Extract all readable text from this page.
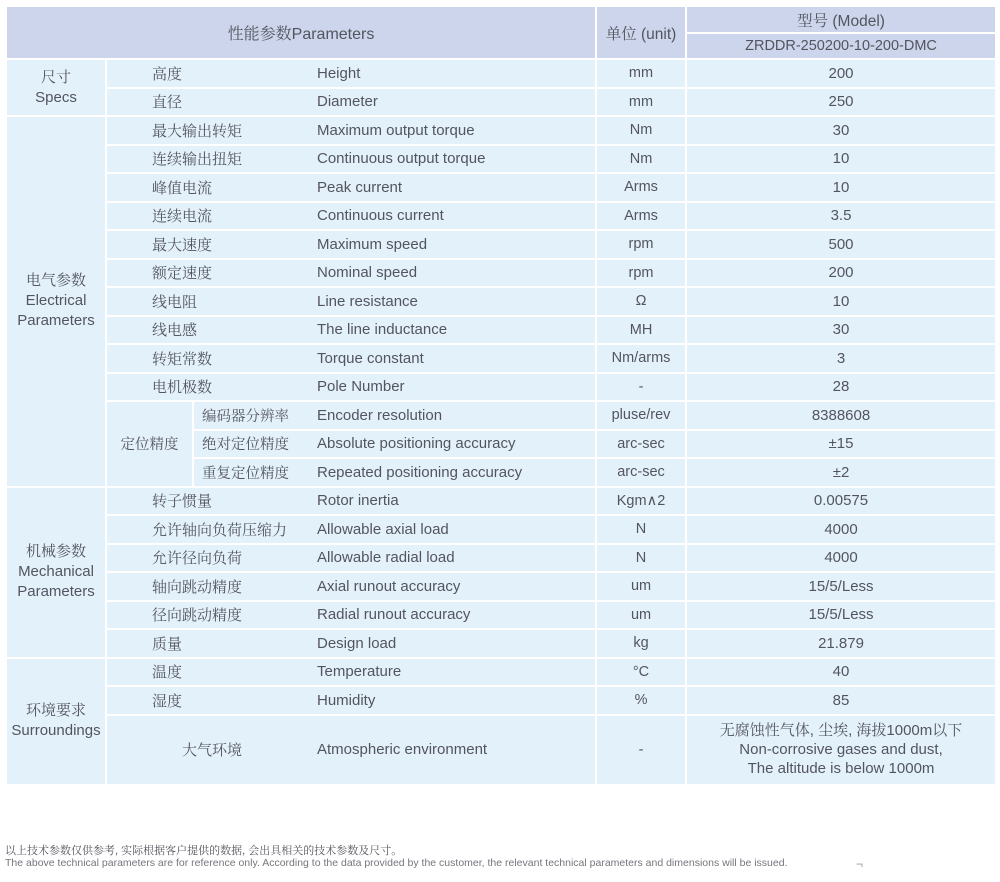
性能参数Parameters			单位 (unit)	型号 (Model)
				ZRDDR-250200-10-200-DMC

尺寸
Specs

高度	Height	mm	200

	直径 Diameter		mm	250

电气参数
Electrical
Parameters

最大输出转矩	Maximum output torque	Nm	30

	连续输出扭矩 Continuous output torque		Nm	10

	峰值电流 Peak current		Arms	10

	连续电流 Continuous current		Arms	3.5

	最大速度 Maximum speed		rpm	500

	额定速度 Nominal speed		rpm	200

	线电阻 Line resistance		Ω	10

	线电感 The line inductance		MH	30

	转矩常数 Torque constant		Nm/arms	3

	电机极数 Pole Number		-	28
	定位精度	编码器分辨率 Encoder resolution	pluse/rev	8388608

		绝对定位精度 Absolute positioning accuracy	arc-sec	±15

		重复定位精度 Repeated positioning accuracy	arc-sec	±2

机械参数
Mechanical
Parameters

转子惯量	Rotor inertia	Kgm∧2	0.00575

	允许轴向负荷压缩力 Allowable axial load		N	4000

	允许径向负荷 Allowable radial load		N	4000

	轴向跳动精度 Axial runout accuracy		um	15/5/Less

	径向跳动精度 Radial runout accuracy		um	15/5/Less

	质量 Design load		kg	21.879

环境要求
Surroundings

温度	Temperature	°C	40

	湿度 Humidity		%	85

	大气环境 Atmospheric environment		-	无腐蚀性气体, 尘埃, 海拔1000m以下
Non-corrosive gases and dust,
The altitude is below 1000m
以上技术参数仅供参考, 实际根据客户提供的数据, 会出具相关的技术参数及尺寸。
The above technical parameters are for reference only. According to the data provided by the customer, the relevant technical parameters and dimensions will be issued.	¬
